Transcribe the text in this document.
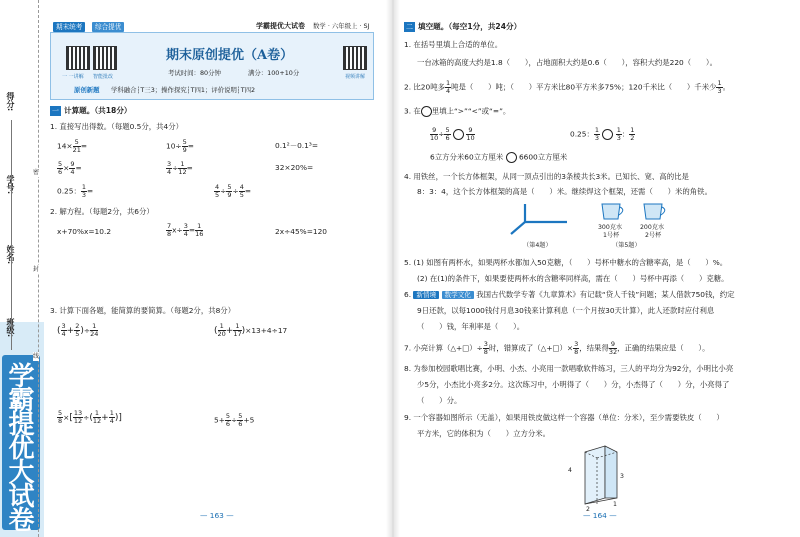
学霸提优大试卷
得分:
密
封
线
期末统考	综合提优	学霸提优大试卷 数学 · 六年级上 · SJ
一 一讲解 智能批改	视频讲解
期末原创提优（A卷）
考试时间：80分钟	满分：100+10分
原创新题 学科融合┆T三3；操作探究┆T四1；评价说明┆T四2
一 计算题。（共18分）
1. 直接写出得数。（每题0.5分，共4分）
$14\times \frac{5}{21}$ =	$10\div \frac{5}{9}$ =	0.1²－0.1³=
$\frac{5}{6} \times \frac{9}{4}$ =	$\frac{3}{4} \div \frac{1}{12}$ =	32×20%=
0.25： $\frac{1}{3}$ =	$\frac{4}{5} \div \frac{5}{9} \div \frac{4}{5}$ =
2. 解方程。（每题2分，共6分）
x+70%x=10.2	$\frac{7}{8} x\div \frac{3}{4} = \frac{1}{16}$	2x÷45%=120
3. 计算下面各题，能简算的要简算。（每题2分，共8分）
( $\frac{3}{4} + \frac{2}{5}$ )÷ $\frac{1}{24}$	( $\frac{1}{20} + \frac{1}{17} )\times 13+4\div 17$
$\frac{5}{8}$ ×[ $\frac{13}{12}$ ÷( $\frac{1}{12} + \frac{1}{4}$ )]	$5+ \frac{5}{6} \div \frac{5}{6} +5$
— 163 —
二 填空题。（每空1分，共24分）
1. 在括号里填上合适的单位。
一台冰箱的高度大约是1.8（　　），占地面积大约是0.6（　　），容积大约是220（　　）。
2. 比20吨多 $\frac{1}{4}$ 吨是（　　）吨；（　　）平方米比80平方米多75%；120千米比（　　）千米少 $\frac{1}{3}$ 。
3. 在 里填上“>”“<”或“=”。
$\frac{9}{10} \div \frac{5}{6}$
$\frac{9}{10}$	0.25： $\frac{1}{3}$
$\frac{1}{3}$ ： $\frac{1}{2}$
6立方分米60立方厘米 6600立方厘米
4. 用铁丝，一个长方体框架，从同一顶点引出的3条棱共长3米。已知长、宽、高的比是
8：3：4，这个长方体框架的高是（　　）米。继续焊这个框架，还需（　　）米的角铁。
（第4题）
300克水
1号杯
200克水
2号杯
（第5题）
5. (1) 如图有两杯水，如果两杯水都加入50克糖，（　　）号杯中糖水的含糖率高，是（　　）%。
(2) 在(1)的条件下，如果要使两杯水的含糖率同样高，需在（　　）号杯中再添（　　）克糖。
6. 新情境 数学文化 我国古代数学专著《九章算术》有记载“贷人千钱”问题；某人借款750钱，约定
9日还款，以每1000钱付月息30钱来计算利息（一个月按30天计算），此人还款时应付利息
（　　）钱，年利率是（　　）。
7. 小亮计算（△+□）÷ $\frac{3}{8}$ 时，错算成了（△+□）× $\frac{3}{8}$ ，结果得 $\frac{9}{32}$ ，正确的结果应是（　　）。
8. 为参加校园歌唱比赛，小明、小杰、小亮用一款唱歌软件练习，三人的平均分为92分，小明比小亮
少5分，小杰比小亮多2分。这次练习中，小明得了（　　）分，小杰得了（　　）分，小亮得了
（　　）分。
9. 一个容器如图所示（无盖），如果用铁皮做这样一个容器（单位：分米），至少需要铁皮（　　）
平方米，它的体积为（　　）立方分米。
4
3
2
1
— 164 —
